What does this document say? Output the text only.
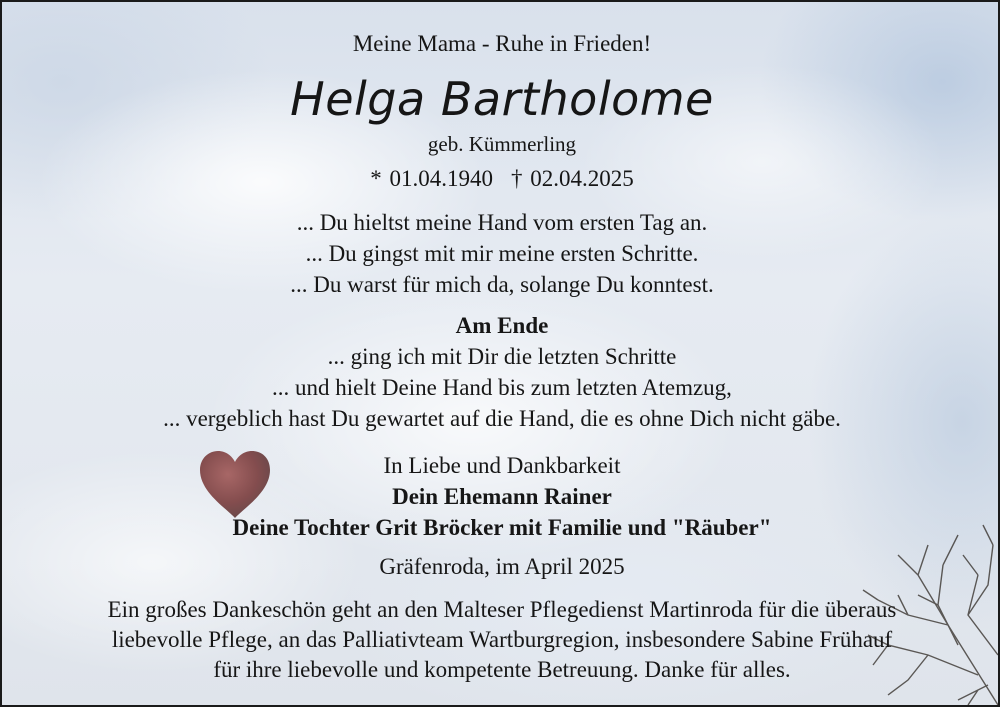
Meine Mama - Ruhe in Frieden!
Helga Bartholome
geb. Kümmerling
* 01.04.1940 † 02.04.2025
... Du hieltst meine Hand vom ersten Tag an.
... Du gingst mit mir meine ersten Schritte.
... Du warst für mich da, solange Du konntest.
Am Ende
... ging ich mit Dir die letzten Schritte
... und hielt Deine Hand bis zum letzten Atemzug,
... vergeblich hast Du gewartet auf die Hand, die es ohne Dich nicht gäbe.
In Liebe und Dankbarkeit
Dein Ehemann Rainer
Deine Tochter Grit Bröcker mit Familie und "Räuber"
Gräfenroda, im April 2025
Ein großes Dankeschön geht an den Malteser Pflegedienst Martinroda für die überaus
liebevolle Pflege, an das Palliativteam Wartburgregion, insbesondere Sabine Frühauf
für ihre liebevolle und kompetente Betreuung. Danke für alles.
